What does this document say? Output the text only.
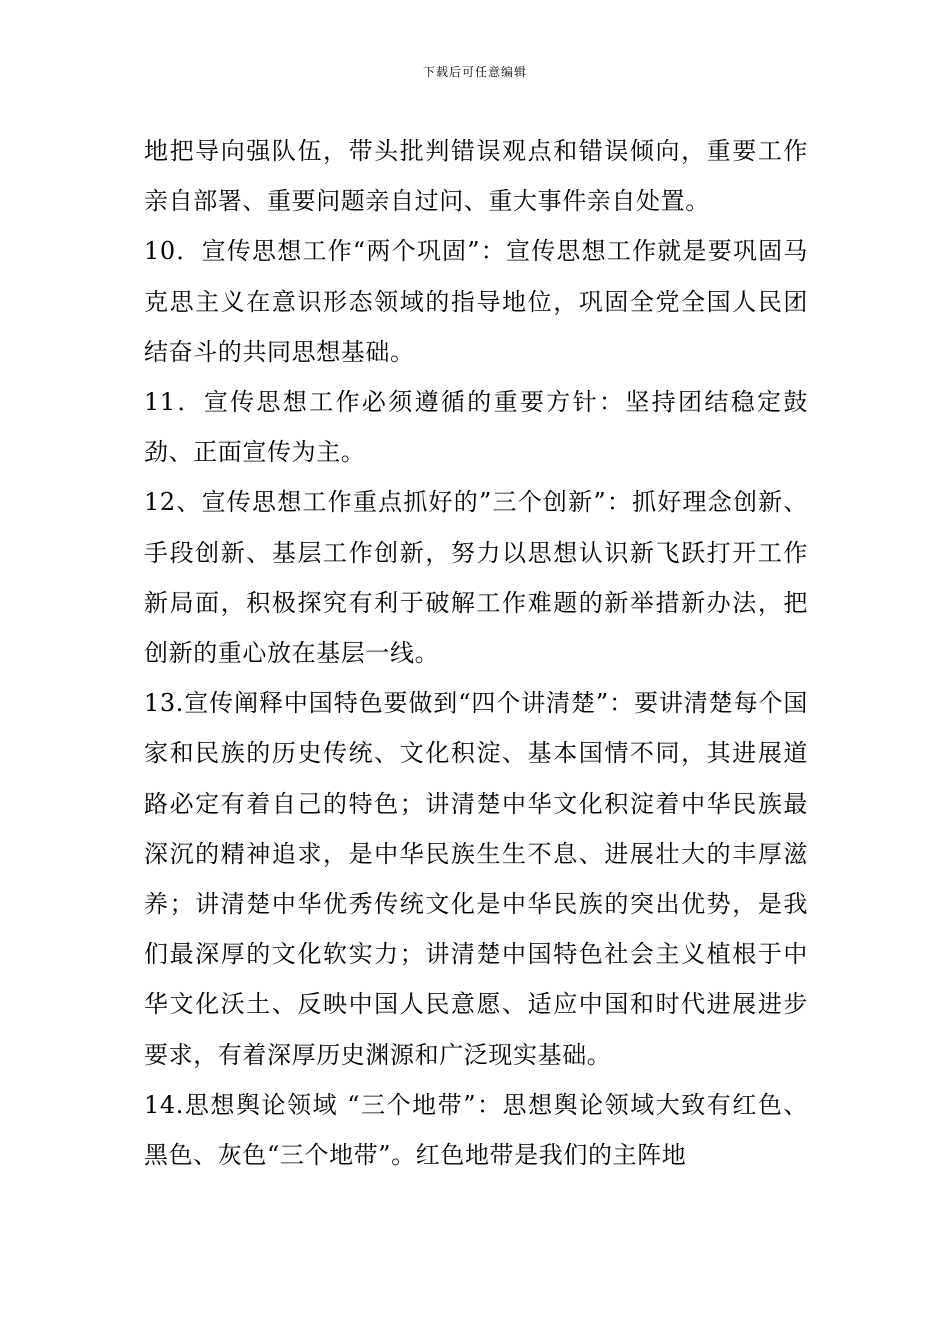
下载后可任意编辑

地把导向强队伍，带头批判错误观点和错误倾向，重要工作亲自部署、重要问题亲自过问、重大事件亲自处置。

10．宣传思想工作“两个巩固”：宣传思想工作就是要巩固马克思主义在意识形态领域的指导地位，巩固全党全国人民团结奋斗的共同思想基础。

11．宣传思想工作必须遵循的重要方针：坚持团结稳定鼓劲、正面宣传为主。

12、宣传思想工作重点抓好的”三个创新”：抓好理念创新、手段创新、基层工作创新，努力以思想认识新飞跃打开工作新局面，积极探究有利于破解工作难题的新举措新办法，把创新的重心放在基层一线。

13.宣传阐释中国特色要做到“四个讲清楚”：要讲清楚每个国家和民族的历史传统、文化积淀、基本国情不同，其进展道路必定有着自己的特色；讲清楚中华文化积淀着中华民族最深沉的精神追求，是中华民族生生不息、进展壮大的丰厚滋养；讲清楚中华优秀传统文化是中华民族的突出优势，是我们最深厚的文化软实力；讲清楚中国特色社会主义植根于中华文化沃土、反映中国人民意愿、适应中国和时代进展进步要求，有着深厚历史渊源和广泛现实基础。

14.思想舆论领域 “三个地带”：思想舆论领域大致有红色、黑色、灰色“三个地带”。红色地带是我们的主阵地
